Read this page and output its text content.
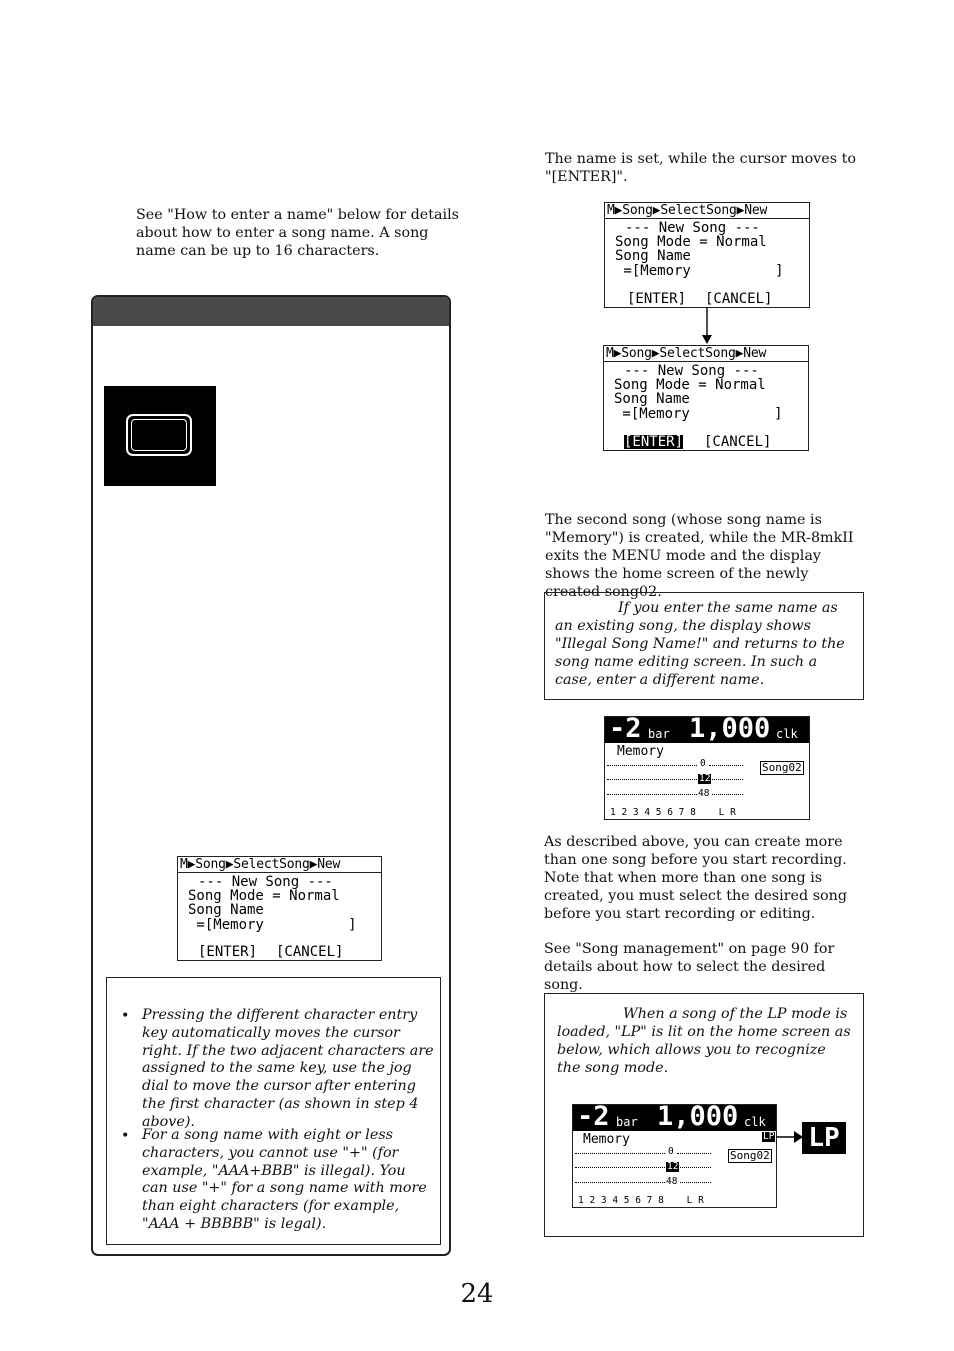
The name is set, while the cursor moves to "[ENTER]".
See "How to enter a name" below for details about how to enter a song name. A song name can be up to 16 characters.
M▶Song▶SelectSong▶New
--- New Song ---
Song Mode = Normal
Song Name
=[Memory          ]
[ENTER] [CANCEL]
M▶Song▶SelectSong▶New
--- New Song ---
Song Mode = Normal
Song Name
=[Memory          ]
[ENTER] [CANCEL]
M▶Song▶SelectSong▶New
--- New Song ---
Song Mode = Normal
Song Name
=[Memory          ]
[ENTER] [CANCEL]
• Pressing the different character entry key automatically moves the cursor right. If the two adjacent characters are assigned to the same key, use the jog dial to move the cursor after entering the first character (as shown in step 4 above).
• For a song name with eight or less characters, you cannot use "+" (for example, "AAA+BBB" is illegal). You can use "+" for a song name with more than eight characters (for example, "AAA + BBBBB" is legal).
The second song (whose song name is "Memory") is created, while the MR-8mkII exits the MENU mode and the display shows the home screen of the newly created song02.
If you enter the same name as an existing song, the display shows "Illegal Song Name!" and returns to the song name editing screen. In such a case, enter a different name.
-2 bar 1,000 clk
Memory
0
12
Song02
48
1 2 3 4 5 6 7 8    L R
As described above, you can create more than one song before you start recording. Note that when more than one song is created, you must select the desired song before you start recording or editing.
See "Song management" on page 90 for details about how to select the desired song.
When a song of the LP mode is loaded, "LP" is lit on the home screen as below, which allows you to recognize the song mode.
-2 bar 1,000 clk
Memory	LP
0
12
Song02
48
1 2 3 4 5 6 7 8    L R
LP
24
